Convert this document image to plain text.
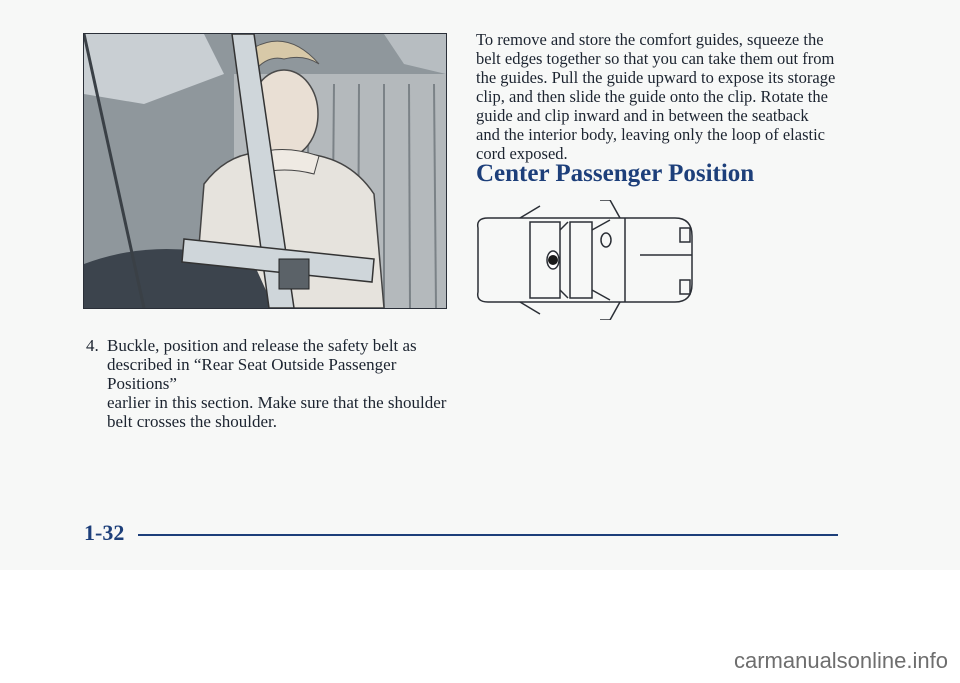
4. Buckle, position and release the safety belt as
described in “Rear Seat Outside Passenger Positions”
earlier in this section. Make sure that the shoulder
belt crosses the shoulder.
To remove and store the comfort guides, squeeze the
belt edges together so that you can take them out from
the guides. Pull the guide upward to expose its storage
clip, and then slide the guide onto the clip. Rotate the
guide and clip inward and in between the seatback
and the interior body, leaving only the loop of elastic
cord exposed.
Center Passenger Position
1-32
carmanualsonline.info
